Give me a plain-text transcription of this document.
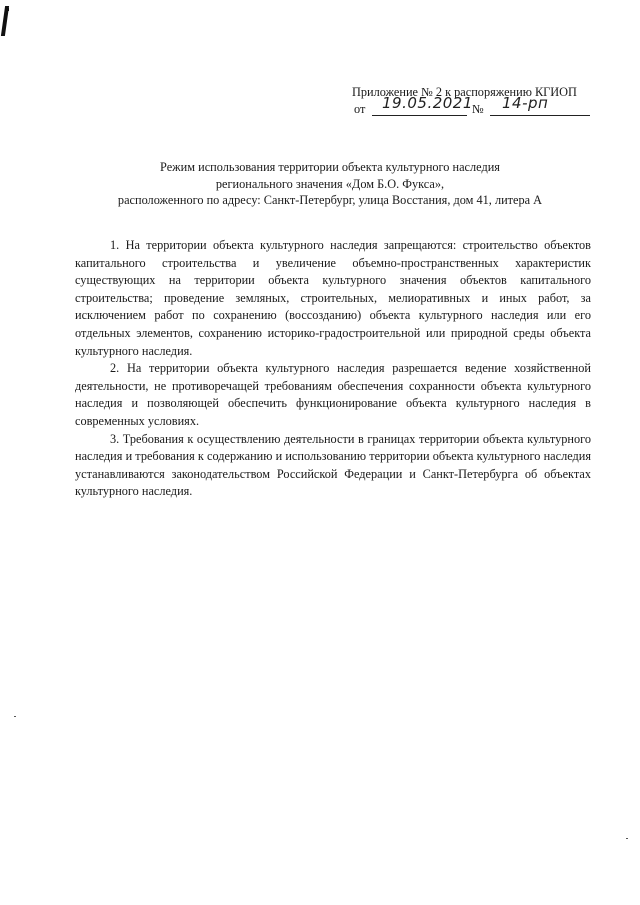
Приложение № 2 к распоряжению КГИОП
от 19.05.2021 № 14-рп
Режим использования территории объекта культурного наследия
регионального значения «Дом Б.О. Фукса»,
расположенного по адресу: Санкт-Петербург, улица Восстания, дом 41, литера А

1. На территории объекта культурного наследия запрещаются: строительство объектов капитального строительства и увеличение объемно-пространственных характеристик существующих на территории объекта культурного значения объектов капитального строительства; проведение земляных, строительных, мелиоративных и иных работ, за исключением работ по сохранению (воссозданию) объекта культурного наследия или его отдельных элементов, сохранению историко-градостроительной или природной среды объекта культурного наследия.

2. На территории объекта культурного наследия разрешается ведение хозяйственной деятельности, не противоречащей требованиям обеспечения сохранности объекта культурного наследия и позволяющей обеспечить функционирование объекта культурного наследия в современных условиях.

3. Требования к осуществлению деятельности в границах территории объекта культурного наследия и требования к содержанию и использованию территории объекта культурного наследия устанавливаются законодательством Российской Федерации и Санкт-Петербурга об объектах культурного наследия.
